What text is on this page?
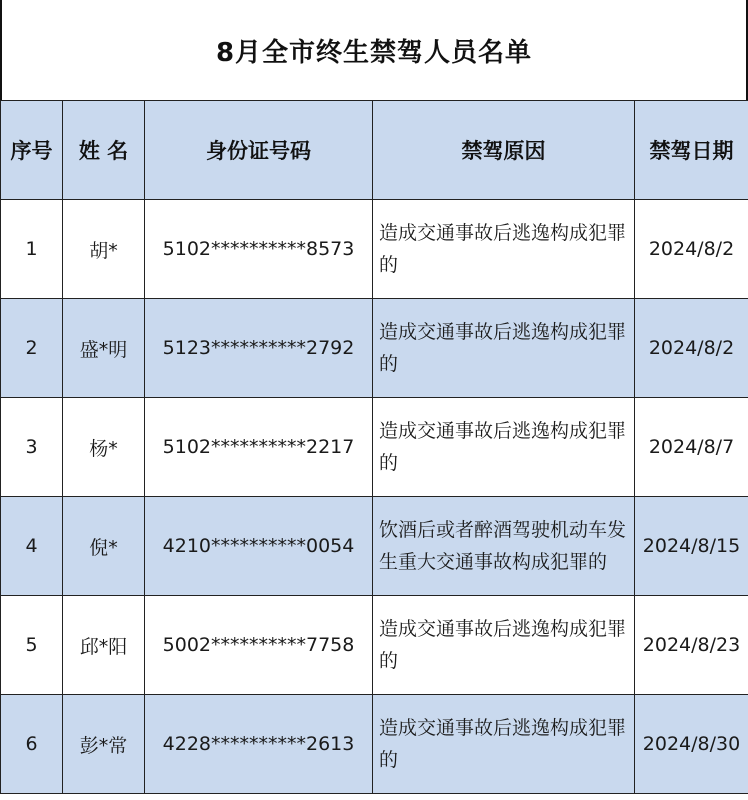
8月全市终生禁驾人员名单
序号	姓 名	身份证号码	禁驾原因	禁驾日期
1	胡*	5102**********8573	造成交通事故后逃逸构成犯罪的	2024/8/2
2	盛*明	5123**********2792	造成交通事故后逃逸构成犯罪的	2024/8/2
3	杨*	5102**********2217	造成交通事故后逃逸构成犯罪的	2024/8/7
4	倪*	4210**********0054	饮酒后或者醉酒驾驶机动车发生重大交通事故构成犯罪的	2024/8/15
5	邱*阳	5002**********7758	造成交通事故后逃逸构成犯罪的	2024/8/23
6	彭*常	4228**********2613	造成交通事故后逃逸构成犯罪的	2024/8/30
